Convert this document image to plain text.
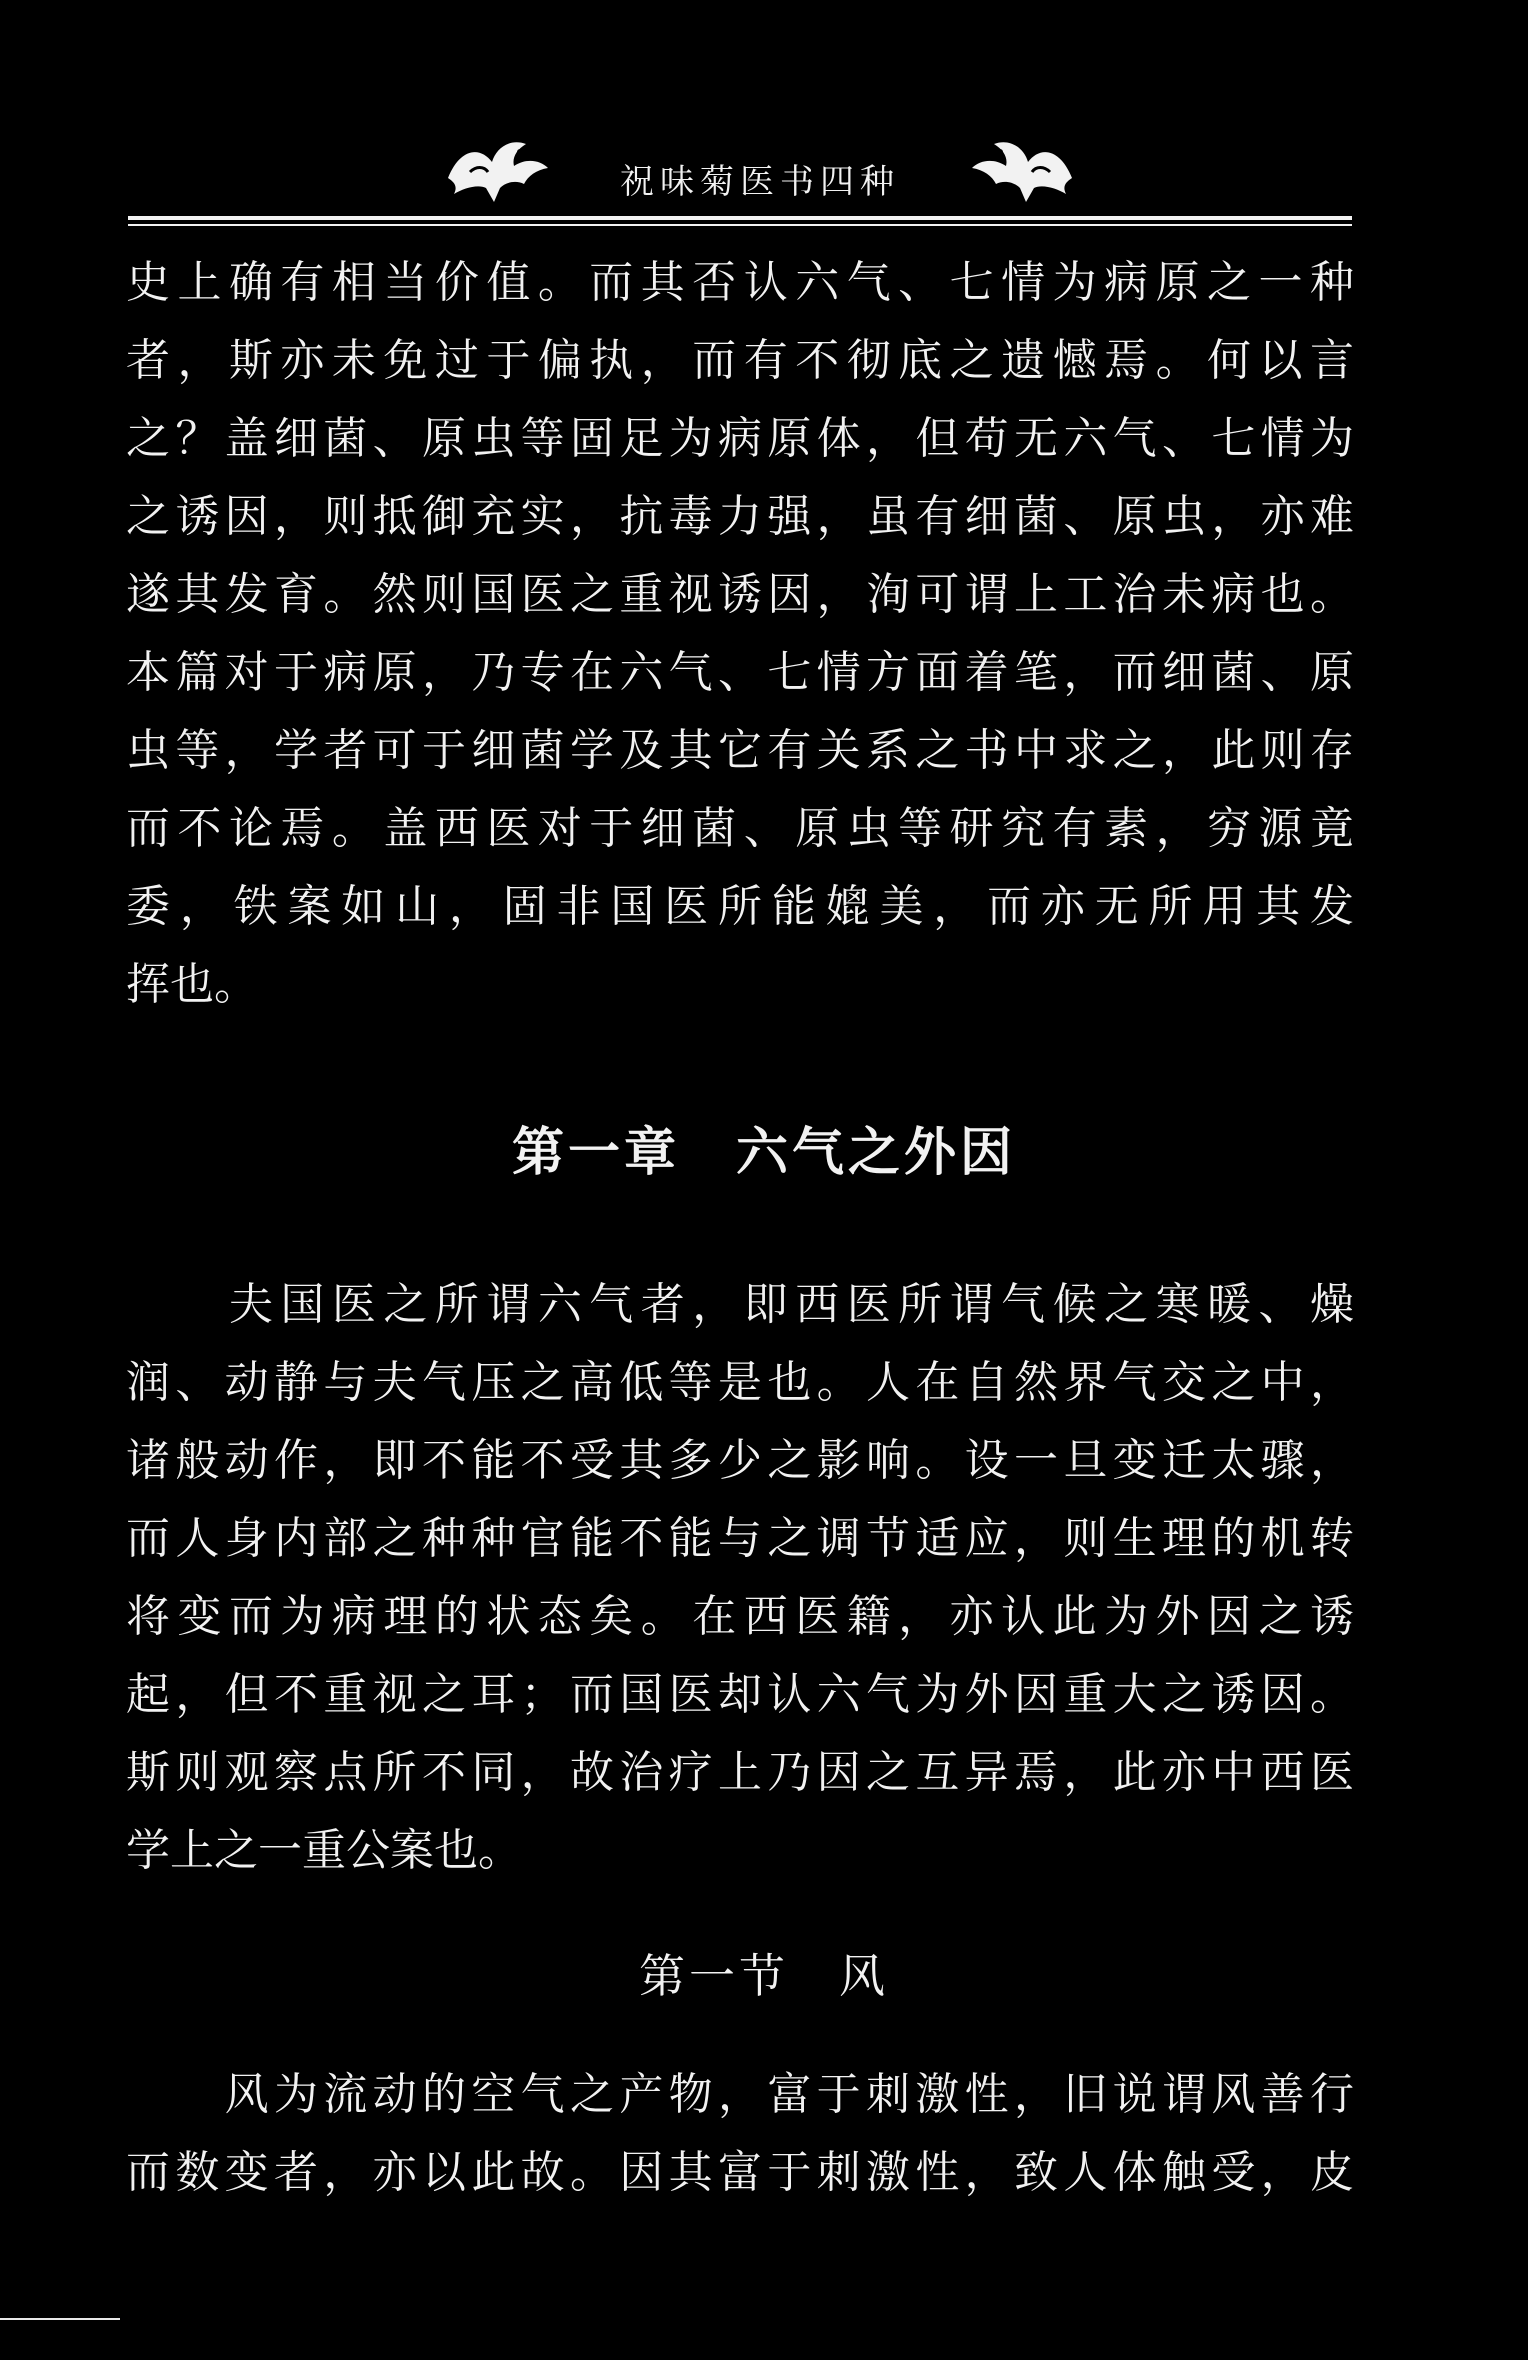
祝味菊医书四种
史上确有相当价值。而其否认六气、七情为病原之一种
者，斯亦未免过于偏执，而有不彻底之遗憾焉。何以言
之？盖细菌、原虫等固足为病原体，但苟无六气、七情为
之诱因，则抵御充实，抗毒力强，虽有细菌、原虫，亦难
遂其发育。然则国医之重视诱因，洵可谓上工治未病也。
本篇对于病原，乃专在六气、七情方面着笔，而细菌、原
虫等，学者可于细菌学及其它有关系之书中求之，此则存
而不论焉。盖西医对于细菌、原虫等研究有素，穷源竟
委，铁案如山，固非国医所能媲美，而亦无所用其发
挥也。
第一章　六气之外因
　　夫国医之所谓六气者，即西医所谓气候之寒暖、燥
润、动静与夫气压之高低等是也。人在自然界气交之中，
诸般动作，即不能不受其多少之影响。设一旦变迁太骤，
而人身内部之种种官能不能与之调节适应，则生理的机转
将变而为病理的状态矣。在西医籍，亦认此为外因之诱
起，但不重视之耳；而国医却认六气为外因重大之诱因。
斯则观察点所不同，故治疗上乃因之互异焉，此亦中西医
学上之一重公案也。
第一节　风
　　风为流动的空气之产物，富于刺激性，旧说谓风善行
而数变者，亦以此故。因其富于刺激性，致人体触受，皮
